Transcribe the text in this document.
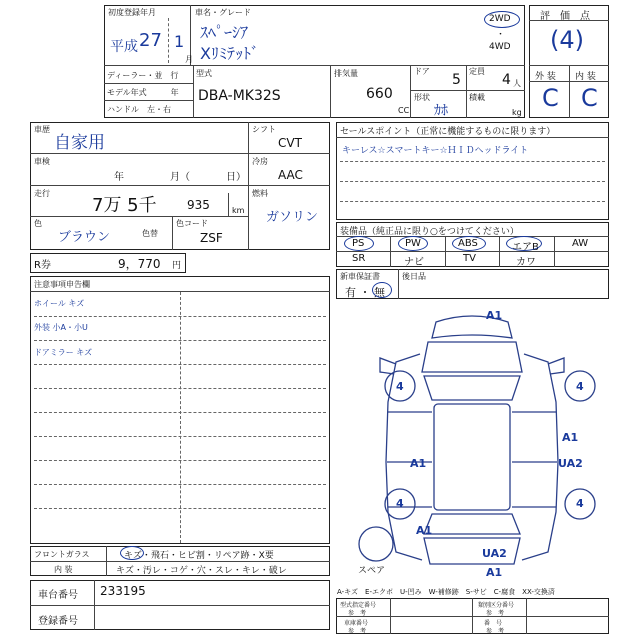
初度登録年月
平成 27 1
月
車名・グレード
ｽﾍﾟｰｼｱ
Xﾘﾐﾃｯﾄﾞ
2WD
・
4WD
ディーラー・並　行
モデル年式　　　年
ハンドル　左・右
型式
DBA-MK32S
排気量
660
CC
ドア
5
定員
4 人
形状
ｶﾎ
積載
kg
評　価　点
(4)
外 装 内 装
C C
車歴
自家用
車検
年	月（	日）
走行
7万 5千	935	km
色
ブラウン	色替
色コード
ZSF
シフト
CVT
冷房
AAC
燃料
ガソリン
R券	9，770 円
セールスポイント（正常に機能するものに限ります）
キーレス☆スマートキー☆ＨＩＤヘッドライト
装備品（純正品に限り○をつけてください）
PS	PW	ABS	エアB	AW
SR	ナビ	TV	カワ
新車保証書	後日品
有 ・ 無
注意事項申告欄
ホイール キズ
外装 小A・小U
ドアミラー キズ
A1
4	4
A1
A1	UA2
4	4
A1
UA2
A1
スペア
フロントガラス	キズ・飛石・ヒビ割・リペア跡・X要
内 装	キズ・汚レ・コゲ・穴・スレ・キレ・破レ
車台番号 233195
登録番号
A-キズ　E-エクボ　U-凹み　W-補修跡　S-サビ　C-腐食　XX-交換済
型式指定番号
参　考
類別区分番号
参　考
車庫番号
参　考
番　号
参　考
